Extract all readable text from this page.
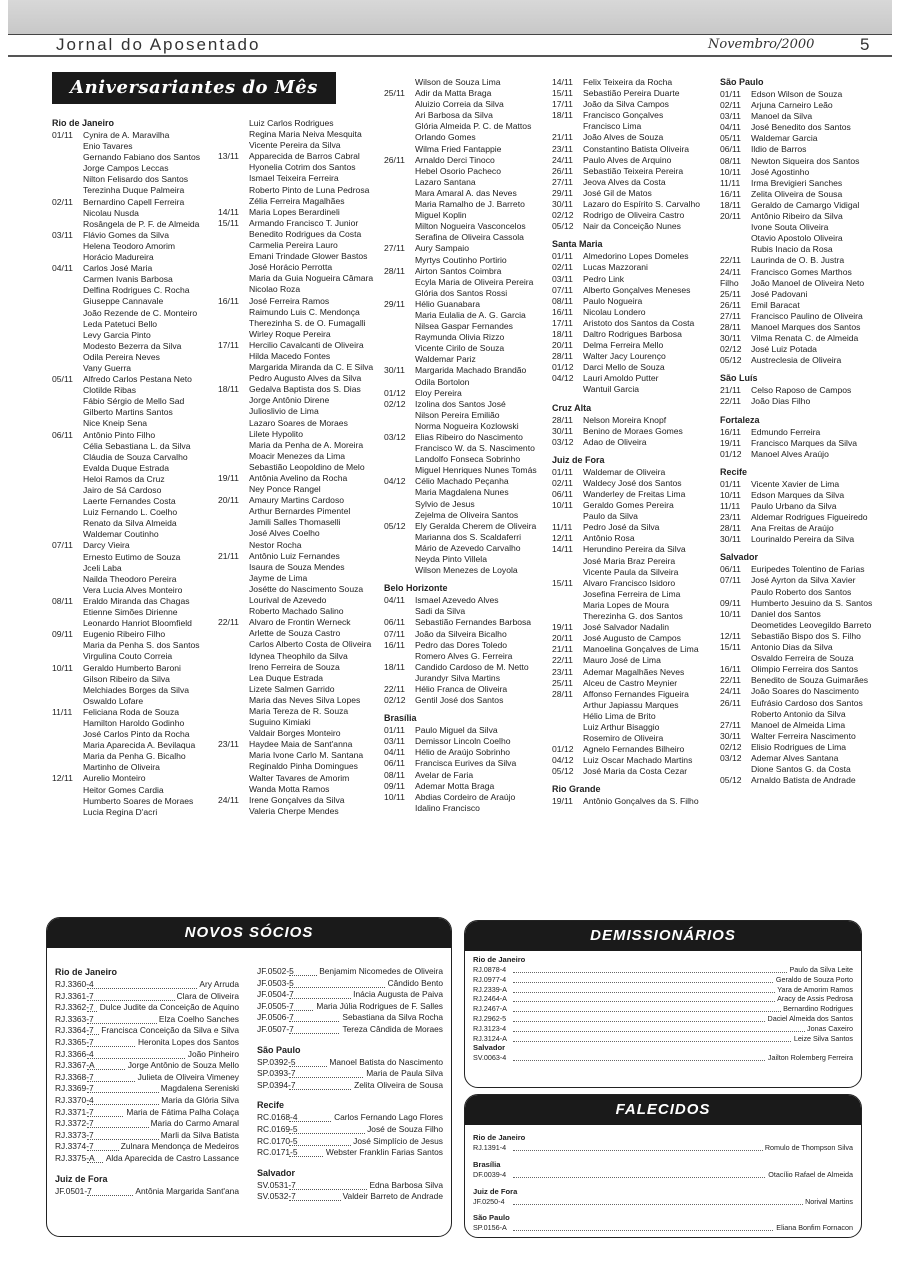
Jornal do Aposentado	Novembro/2000	5
Aniversariantes do Mês
Rio de Janeiro
01/11	Cynira de A. Maravilha
Enio Tavares
Gernando Fabiano dos Santos
Jorge Campos Leccas
Nilton Felisardo dos Santos
Terezinha Duque Palmeira
02/11	Bernardino Capell Ferreira
Nicolau Nusda
Rosângela de P. F. de Almeida
03/11	Flávio Gomes da Silva
Helena Teodoro Amorim
Horácio Madureira
04/11	Carlos José Maria
Carmen Ivanis Barbosa
Delfina Rodrigues C. Rocha
Giuseppe Cannavale
João Rezende de C. Monteiro
Leda Patetuci Bello
Levy Garcia Pinto
Modesto Bezerra da Silva
Odila Pereira Neves
Vany Guerra
05/11	Alfredo Carlos Pestana Neto
Clotilde Ribas
Fábio Sérgio de Mello Sad
Gilberto Martins Santos
Nice Kneip Sena
06/11	Antônio Pinto Filho
Célia Sebastiana L. da Silva
Cláudia de Souza Carvalho
Evalda Duque Estrada
Heloi Ramos da Cruz
Jairo de Sá Cardoso
Laerte Fernandes Costa
Luiz Fernando L. Coelho
Renato da Silva Almeida
Waldemar Coutinho
07/11	Darcy Vieira
Ernesto Eutimo de Souza
Jceli Laba
Nailda Theodoro Pereira
Vera Lucia Alves Monteiro
08/11	Eraldo Miranda das Chagas
Etienne Simões Dirienne
Leonardo Hanriot Bloomfield
09/11	Eugenio Ribeiro Filho
Maria da Penha S. dos Santos
Virgulina Couto Correia
10/11	Geraldo Humberto Baroni
Gilson Ribeiro da Silva
Melchiades Borges da Silva
Oswaldo Lofare
11/11	Feliciana Roda de Souza
Hamilton Haroldo Godinho
José Carlos Pinto da Rocha
Maria Aparecida A. Bevilaqua
Maria da Penha G. Bicalho
Martinho de Oliveira
12/11	Aurelio Monteiro
Heitor Gomes Cardia
Humberto Soares de Moraes
Lucia Regina D'acri
Luiz Carlos Rodrigues
Regina Maria Neiva Mesquita
Vicente Pereira da Silva
13/11	Apparecida de Barros Cabral
Hyonelia Cotrim dos Santos
Ismael Teixeira Ferreira
Roberto Pinto de Luna Pedrosa
Zélia Ferreira Magalhães
14/11	Maria Lopes Berardineli
15/11	Armando Francisco T. Junior
Benedito Rodrigues da Costa
Carmelia Pereira Lauro
Emani Trindade Glower Bastos
José Horácio Perrotta
Maria da Guia Nogueira Câmara
Nicolao Roza
16/11	José Ferreira Ramos
Raimundo Luis C. Mendonça
Therezinha S. de O. Fumagalli
Wirley Roque Pereira
17/11	Hercilio Cavalcanti de Oliveira
Hilda Macedo Fontes
Margarida Miranda da C. E Silva
Pedro Augusto Alves da Silva
18/11	Gedalva Baptista dos S. Dias
Jorge Antônio Direne
Julioslivio de Lima
Lazaro Soares de Moraes
Lilete Hypolito
Maria da Penha de A. Moreira
Moacir Menezes da Lima
Sebastião Leopoldino de Melo
19/11	Antônia Avelino da Rocha
Ney Ponce Rangel
20/11	Amaury Martins Cardoso
Arthur Bernardes Pimentel
Jamili Salles Thomaselli
José Alves Coelho
Nestor Rocha
21/11	Antônio Luiz Fernandes
Isaura de Souza Mendes
Jayme de Lima
Josétte do Nascimento Souza
Lourival de Azevedo
Roberto Machado Salino
22/11	Alvaro de Frontin Werneck
Arlette de Souza Castro
Carlos Alberto Costa de Oliveira
Idynea Theophilo da Silva
Ireno Ferreira de Souza
Lea Duque Estrada
Lizete Salmen Garrido
Maria das Neves Silva Lopes
Maria Tereza de R. Souza
Suguino Kimiaki
Valdair Borges Monteiro
23/11	Haydee Maia de Sant'anna
Maria Ivone Carlo M. Santana
Reginaldo Pinha Domingues
Walter Tavares de Amorim
Wanda Motta Ramos
24/11	Irene Gonçalves da Silva
Valeria Cherpe Mendes
Wilson de Souza Lima
25/11	Adir da Matta Braga
Aluizio Correia da Silva
Ari Barbosa da Silva
Glória Almeida P. C. de Mattos
Orlando Gomes
Wilma Fried Fantappie
26/11	Arnaldo Derci Tinoco
Hebel Osorio Pacheco
Lazaro Santana
Mara Amaral A. das Neves
Maria Ramalho de J. Barreto
Miguel Koplin
Milton Nogueira Vasconcelos
Serafina de Oliveira Cassola
27/11	Aury Sampaio
Myrtys Coutinho Portirio
28/11	Airton Santos Coimbra
Ecyla Maria de Oliveira Pereira
Glória dos Santos Rossi
29/11	Hélio Guanabara
Maria Eulalia de A. G. Garcia
Nilsea Gaspar Fernandes
Raymunda Olivia Rizzo
Vicente Cirilo de Souza
Waldemar Pariz
30/11	Margarida Machado Brandão
Odila Bortolon
01/12	Eloy Pereira
02/12	Izolina dos Santos José
Nilson Pereira Emilião
Norma Nogueira Kozlowski
03/12	Elias Ribeiro do Nascimento
Francisco W. da S. Nascimento
Landolfo Fonseca Sobrinho
Miguel Henriques Nunes Tomás
04/12	Célio Machado Peçanha
Maria Magdalena Nunes
Sylvio de Jesus
Zejelma de Oliveira Santos
05/12	Ely Geralda Cherem de Oliveira
Marianna dos S. Scaldaferri
Mário de Azevedo Carvalho
Neyda Pinto Villela
Wilson Menezes de Loyola
Belo Horizonte
04/11	Ismael Azevedo Alves
Sadi da Silva
06/11	Sebastião Fernandes Barbosa
07/11	João da Silveira Bicalho
16/11	Pedro das Dores Toledo
Romero Alves G. Ferreira
18/11	Candido Cardoso de M. Netto
Jurandyr Silva Martins
22/11	Hélio Franca de Oliveira
02/12	Gentil José dos Santos
Brasília
01/11	Paulo Miguel da Silva
03/11	Demissor Lincoln Coelho
04/11	Hélio de Araújo Sobrinho
06/11	Francisca Eurives da Silva
08/11	Avelar de Faria
09/11	Ademar Motta Braga
10/11	Abdias Cordeiro de Araújo
Idalino Francisco
14/11	Felix Teixeira da Rocha
15/11	Sebastião Pereira Duarte
17/11	João da Silva Campos
18/11	Francisco Gonçalves
Francisco Lima
21/11	João Alves de Souza
23/11	Constantino Batista Oliveira
24/11	Paulo Alves de Arquino
26/11	Sebastião Teixeira Pereira
27/11	Jeova Alves da Costa
29/11	José Gil de Matos
30/11	Lazaro do Espírito S. Carvalho
02/12	Rodrigo de Oliveira Castro
05/12	Nair da Conceição Nunes
Santa Maria
01/11	Almedorino Lopes Domeles
02/11	Lucas Mazzorani
03/11	Pedro Link
07/11	Alberto Gonçalves Meneses
08/11	Paulo Nogueira
16/11	Nicolau Londero
17/11	Aristoto dos Santos da Costa
18/11	Daltro Rodrigues Barbosa
20/11	Delma Ferreira Mello
28/11	Walter Jacy Lourenço
01/12	Darci Mello de Souza
04/12	Lauri Amoldo Putter
Wantuil Garcia
Cruz Alta
28/11	Nelson Moreira Knopf
30/11	Benino de Moraes Gomes
03/12	Adao de Oliveira
Juiz de Fora
01/11	Waldemar de Oliveira
02/11	Waldecy José dos Santos
06/11	Wanderley de Freitas Lima
10/11	Geraldo Gomes Pereira
Paulo da Silva
11/11	Pedro José da Silva
12/11	Antônio Rosa
14/11	Herundino Pereira da Silva
José Maria Braz Pereira
Vicente Paula da Silveira
15/11	Alvaro Francisco Isidoro
Josefina Ferreira de Lima
Maria Lopes de Moura
Therezinha G. dos Santos
19/11	José Salvador Nadalin
20/11	José Augusto de Campos
21/11	Manoelina Gonçalves de Lima
22/11	Mauro José de Lima
23/11	Ademar Magalhães Neves
25/11	Alceu de Castro Meynier
28/11	Affonso Fernandes Figueira
Arthur Japiassu Marques
Hélio Lima de Brito
Luiz Arthur Bisaggio
Rosemiro de Oliveira
01/12	Agnelo Fernandes Bilheiro
04/12	Luiz Oscar Machado Martins
05/12	José Maria da Costa Cezar
Rio Grande
19/11	Antônio Gonçalves da S. Filho
São Paulo
01/11	Edson Wilson de Souza
02/11	Arjuna Carneiro Leão
03/11	Manoel da Silva
04/11	José Benedito dos Santos
05/11	Waldemar Garcia
06/11	Ildio de Barros
08/11	Newton Siqueira dos Santos
10/11	José Agostinho
11/11	Irma Brevigieri Sanches
16/11	Zelita Oliveira de Sousa
18/11	Geraldo de Camargo Vidigal
20/11	Antônio Ribeiro da Silva
Ivone Souta Oliveira
Otavio Apostolo Oliveira
Rubis Inacio da Rosa
22/11	Laurinda de O. B. Justra
24/11	Francisco Gomes Marthos
Filho	João Manoel de Oliveira Neto
25/11	José Padovani
26/11	Emil Baracat
27/11	Francisco Paulino de Oliveira
28/11	Manoel Marques dos Santos
30/11	Vilma Renata C. de Almeida
02/12	José Luiz Potada
05/12	Austreclesia de Oliveira
São Luís
21/11	Celso Raposo de Campos
22/11	João Dias Filho
Fortaleza
16/11	Edmundo Ferreira
19/11	Francisco Marques da Silva
01/12	Manoel Alves Araújo
Recife
01/11	Vicente Xavier de Lima
10/11	Edson Marques da Silva
11/11	Paulo Urbano da Silva
23/11	Aldemar Rodrigues Figueiredo
28/11	Ana Freitas de Araújo
30/11	Lourinaldo Pereira da Silva
Salvador
06/11	Euripedes Tolentino de Farias
07/11	José Ayrton da Silva Xavier
Paulo Roberto dos Santos
09/11	Humberto Jesuino da S. Santos
10/11	Daniel dos Santos
Deometides Leovegildo Barreto
12/11	Sebastião Bispo dos S. Filho
15/11	Antonio Dias da Silva
Osvaldo Ferreira de Souza
16/11	Olimpio Ferreira dos Santos
22/11	Benedito de Souza Guimarães
24/11	João Soares do Nascimento
26/11	Eufrásio Cardoso dos Santos
Roberto Antonio da Silva
27/11	Manoel de Almeida Lima
30/11	Walter Ferreira Nascimento
02/12	Elisio Rodrigues de Lima
03/12	Ademar Alves Santana
Dione Santos G. da Costa
05/12	Arnaldo Batista de Andrade
NOVOS SÓCIOS
Rio de Janeiro
RJ.3360-4	Ary Arruda
RJ.3361-7	Clara de Oliveira
RJ.3362-7 Dulce Judite da Conceição de Aquino
RJ.3363-7	Elza Coelho Sanches
RJ.3364-7 Francisca Conceição da Silva e Silva
RJ.3365-7	Heronita Lopes dos Santos
RJ.3366-4	João Pinheiro
RJ.3367-A	Jorge Antônio de Souza Mello
RJ.3368-7	Julieta de Oliveira Vimeney
RJ.3369-7	Magdalena Sereniski
RJ.3370-4	Maria da Glória Silva
RJ.3371-7	Maria de Fátima Palha Colaça
RJ.3372-7	Maria do Carmo Amaral
RJ.3373-7	Marli da Silva Batista
RJ.3374-7	Zulnara Mendonça de Medeiros
RJ.3375-A Alda Aparecida de Castro Lassance
Juiz de Fora
JF.0501-7	Antônia Margarida Sant'ana
JF.0502-5	Benjamim Nicomedes de Oliveira
JF.0503-5	Cândido Bento
JF.0504-7	Inácia Augusta de Paiva
JF.0505-7	Maria Júlia Rodrigues de F. Salles
JF.0506-7	Sebastiana da Silva Rocha
JF.0507-7	Tereza Cândida de Moraes
São Paulo
SP.0392-5	Manoel Batista do Nascimento
SP.0393-7	Maria de Paula Silva
SP.0394-7	Zelita Oliveira de Sousa
Recife
RC.0168-4	Carlos Fernando Lago Flores
RC.0169-5	José de Souza Filho
RC.0170-5	José Simplício de Jesus
RC.0171-5	Webster Franklin Farias Santos
Salvador
SV.0531-7	Edna Barbosa Silva
SV.0532-7	Valdeir Barreto de Andrade
DEMISSIONÁRIOS
Rio de Janeiro
RJ.0878-4	Paulo da Silva Leite
RJ.0977-4	Geraldo de Souza Porto
RJ.2339-A	Yara de Amorim Ramos
RJ.2464-A	Aracy de Assis Pedrosa
RJ.2467-A	Bernardino Rodrigues
RJ.2962-5	Daciel Almeida dos Santos
RJ.3123-4	Jonas Caxeiro
RJ.3124-A	Leize Silva Santos
Salvador
SV.0063-4	Jailton Rolemberg Ferreira
FALECIDOS
Rio de Janeiro
RJ.1391-4	Romulo de Thompson Silva
Brasília
DF.0039-4	Otacílio Rafael de Almeida
Juiz de Fora
JF.0250-4	Norival Martins
São Paulo
SP.0156-A	Eliana Bonfim Fornacon
